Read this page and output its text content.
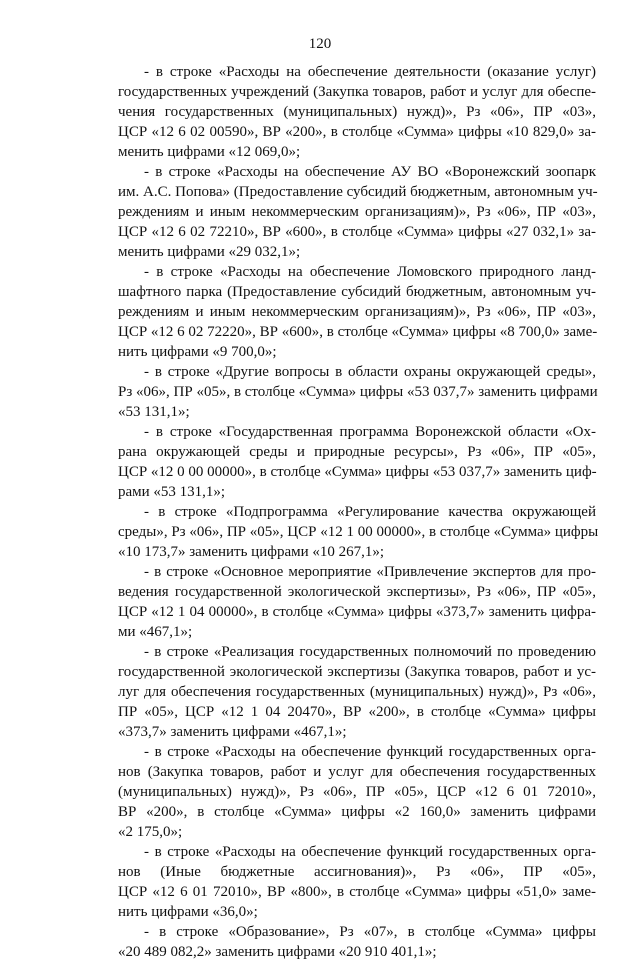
120
- в строке «Расходы на обеспечение деятельности (оказание услуг)
государственных учреждений (Закупка товаров, работ и услуг для обеспе-
чения государственных (муниципальных) нужд)», Рз «06», ПР «03»,
ЦСР «12 6 02 00590», ВР «200», в столбце «Сумма» цифры «10 829,0» за-
менить цифрами «12 069,0»;
- в строке «Расходы на обеспечение АУ ВО «Воронежский зоопарк
им. А.С. Попова» (Предоставление субсидий бюджетным, автономным уч-
реждениям и иным некоммерческим организациям)», Рз «06», ПР «03»,
ЦСР «12 6 02 72210», ВР «600», в столбце «Сумма» цифры «27 032,1» за-
менить цифрами «29 032,1»;
- в строке «Расходы на обеспечение Ломовского природного ланд-
шафтного парка (Предоставление субсидий бюджетным, автономным уч-
реждениям и иным некоммерческим организациям)», Рз «06», ПР «03»,
ЦСР «12 6 02 72220», ВР «600», в столбце «Сумма» цифры «8 700,0» заме-
нить цифрами «9 700,0»;
- в строке «Другие вопросы в области охраны окружающей среды»,
Рз «06», ПР «05», в столбце «Сумма» цифры «53 037,7» заменить цифрами
«53 131,1»;
- в строке «Государственная программа Воронежской области «Ох-
рана окружающей среды и природные ресурсы», Рз «06», ПР «05»,
ЦСР «12 0 00 00000», в столбце «Сумма» цифры «53 037,7» заменить циф-
рами «53 131,1»;
- в строке «Подпрограмма «Регулирование качества окружающей
среды», Рз «06», ПР «05», ЦСР «12 1 00 00000», в столбце «Сумма» цифры
«10 173,7» заменить цифрами «10 267,1»;
- в строке «Основное мероприятие «Привлечение экспертов для про-
ведения государственной экологической экспертизы», Рз «06», ПР «05»,
ЦСР «12 1 04 00000», в столбце «Сумма» цифры «373,7» заменить цифра-
ми «467,1»;
- в строке «Реализация государственных полномочий по проведению
государственной экологической экспертизы (Закупка товаров, работ и ус-
луг для обеспечения государственных (муниципальных) нужд)», Рз «06»,
ПР «05», ЦСР «12 1 04 20470», ВР «200», в столбце «Сумма» цифры
«373,7» заменить цифрами «467,1»;
- в строке «Расходы на обеспечение функций государственных орга-
нов (Закупка товаров, работ и услуг для обеспечения государственных
(муниципальных) нужд)», Рз «06», ПР «05», ЦСР «12 6 01 72010»,
ВР «200», в столбце «Сумма» цифры «2 160,0» заменить цифрами
«2 175,0»;
- в строке «Расходы на обеспечение функций государственных орга-
нов (Иные бюджетные ассигнования)», Рз «06», ПР «05»,
ЦСР «12 6 01 72010», ВР «800», в столбце «Сумма» цифры «51,0» заме-
нить цифрами «36,0»;
- в строке «Образование», Рз «07», в столбце «Сумма» цифры
«20 489 082,2» заменить цифрами «20 910 401,1»;
